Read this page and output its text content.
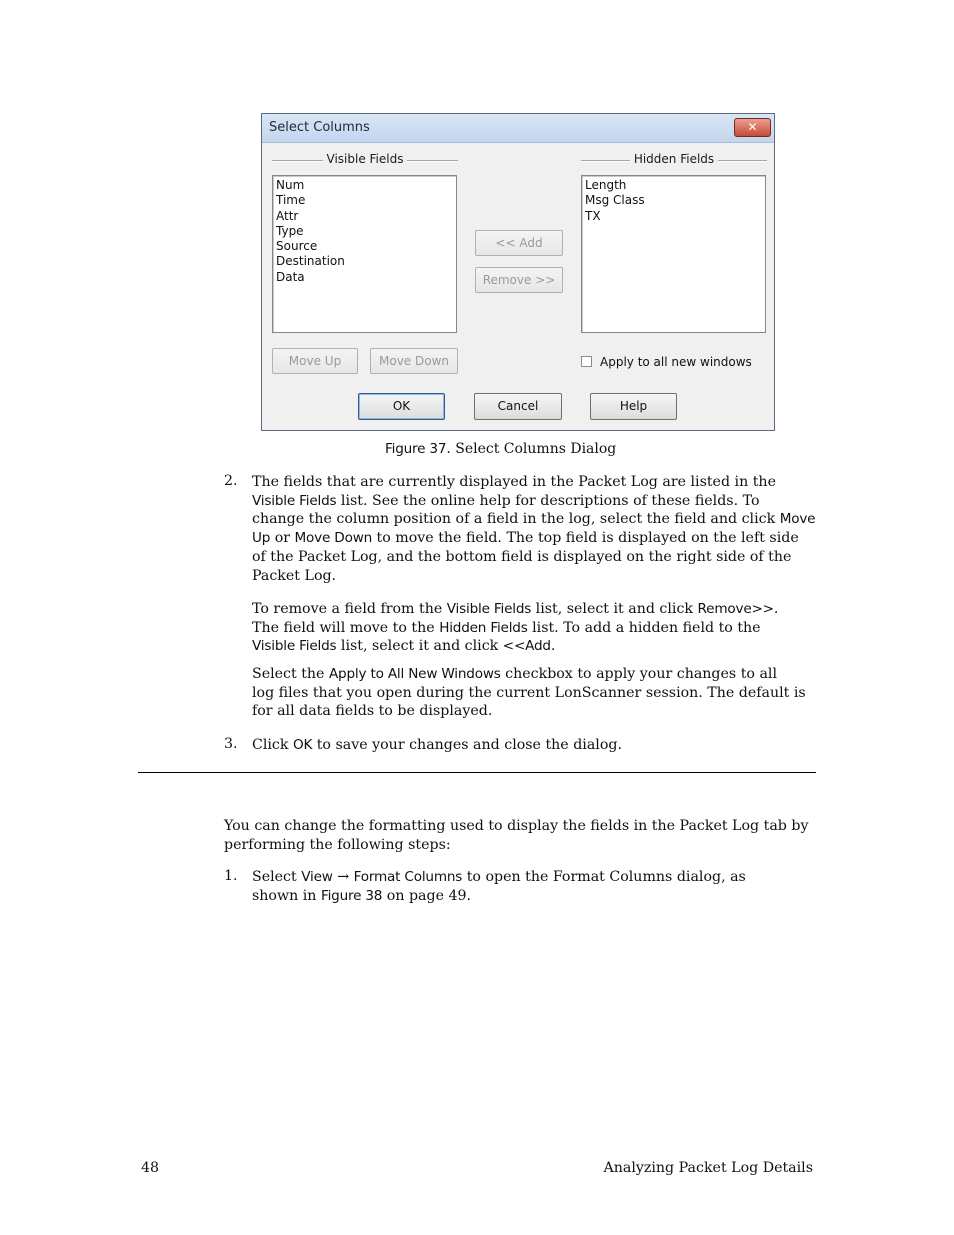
Select Columns	✕
Visible Fields
Num
Time
Attr
Type
Source
Destination
Data
Hidden Fields
Length
Msg Class
TX
<< Add
Remove >>
Move Up	Move Down	Apply to all new windows
OK	Cancel	Help
Figure 37. Select Columns Dialog
2. The fields that are currently displayed in the Packet Log are listed in the
Visible Fields list. See the online help for descriptions of these fields. To
change the column position of a field in the log, select the field and click Move
Up or Move Down to move the field. The top field is displayed on the left side
of the Packet Log, and the bottom field is displayed on the right side of the
Packet Log.
To remove a field from the Visible Fields list, select it and click Remove>>.
The field will move to the Hidden Fields list. To add a hidden field to the
Visible Fields list, select it and click <<Add.
Select the Apply to All New Windows checkbox to apply your changes to all
log files that you open during the current LonScanner session. The default is
for all data fields to be displayed.
3. Click OK to save your changes and close the dialog.
You can change the formatting used to display the fields in the Packet Log tab by
performing the following steps:
1. Select View → Format Columns to open the Format Columns dialog, as
shown in Figure 38 on page 49.
48	Analyzing Packet Log Details
